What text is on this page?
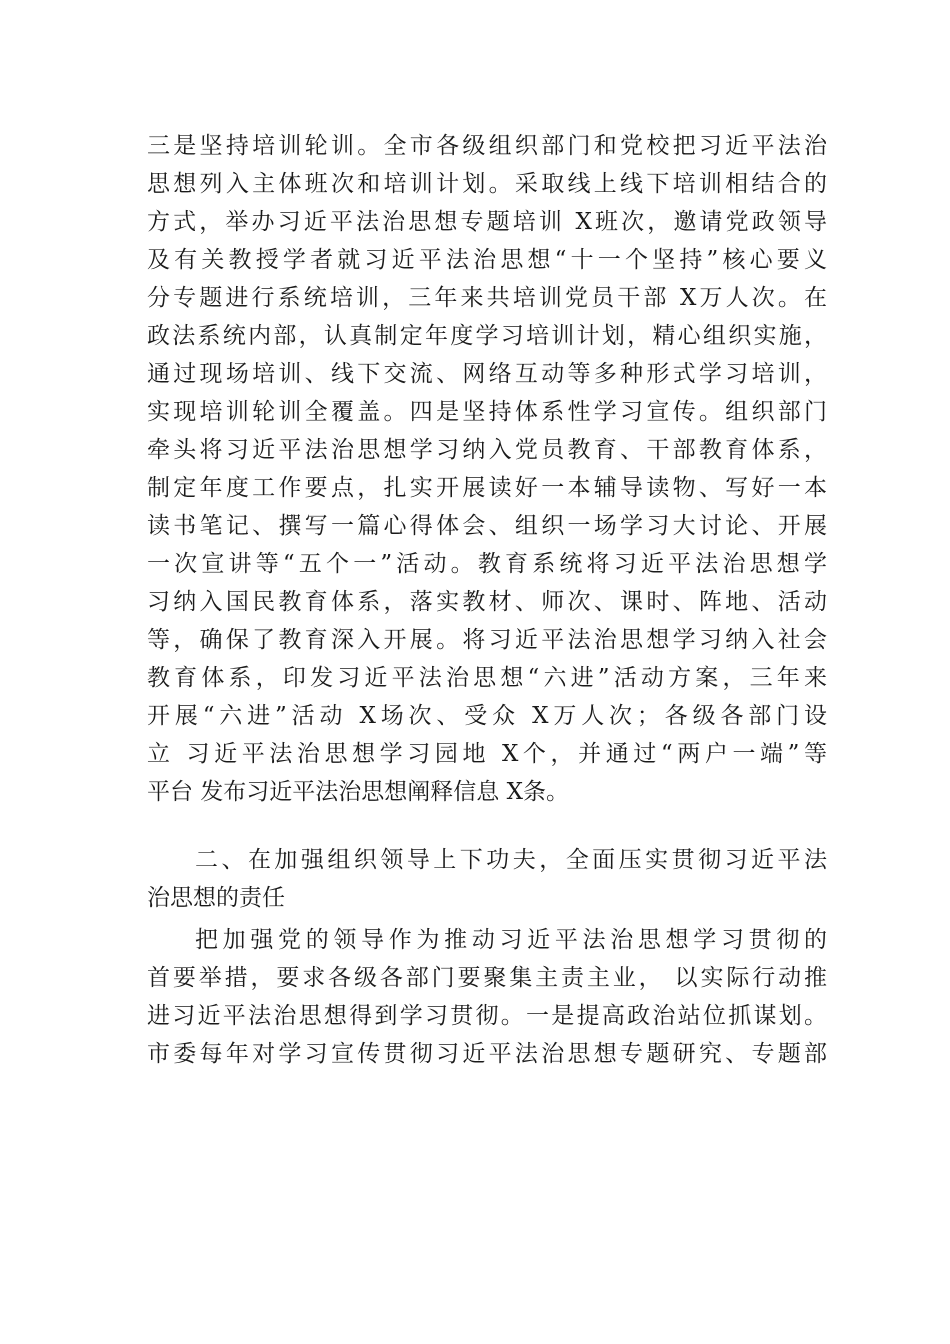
三是坚持培训轮训。全市各级组织部门和党校把习近平法治
思想列入主体班次和培训计划。采取线上线下培训相结合的
方式，举办习近平法治思想专题培训 X班次，邀请党政领导
及有关教授学者就习近平法治思想“十一个坚持”核心要义
分专题进行系统培训，三年来共培训党员干部 X万人次。在
政法系统内部，认真制定年度学习培训计划，精心组织实施，
通过现场培训、线下交流、网络互动等多种形式学习培训，
实现培训轮训全覆盖。四是坚持体系性学习宣传。组织部门
牵头将习近平法治思想学习纳入党员教育、干部教育体系，
制定年度工作要点，扎实开展读好一本辅导读物、写好一本
读书笔记、撰写一篇心得体会、组织一场学习大讨论、开展
一次宣讲等“五个一”活动。教育系统将习近平法治思想学
习纳入国民教育体系，落实教材、师次、课时、阵地、活动
等，确保了教育深入开展。将习近平法治思想学习纳入社会
教育体系，印发习近平法治思想“六进”活动方案，三年来
开展“六进”活动 X场次、受众 X万人次；各级各部门设
立 习近平法治思想学习园地 X个，并通过“两户一端”等
平台 发布习近平法治思想阐释信息 X条。
二、在加强组织领导上下功夫，全面压实贯彻习近平法
治思想的责任
把加强党的领导作为推动习近平法治思想学习贯彻的
首要举措，要求各级各部门要聚集主责主业， 以实际行动推
进习近平法治思想得到学习贯彻。一是提高政治站位抓谋划。
市委每年对学习宣传贯彻习近平法治思想专题研究、专题部
